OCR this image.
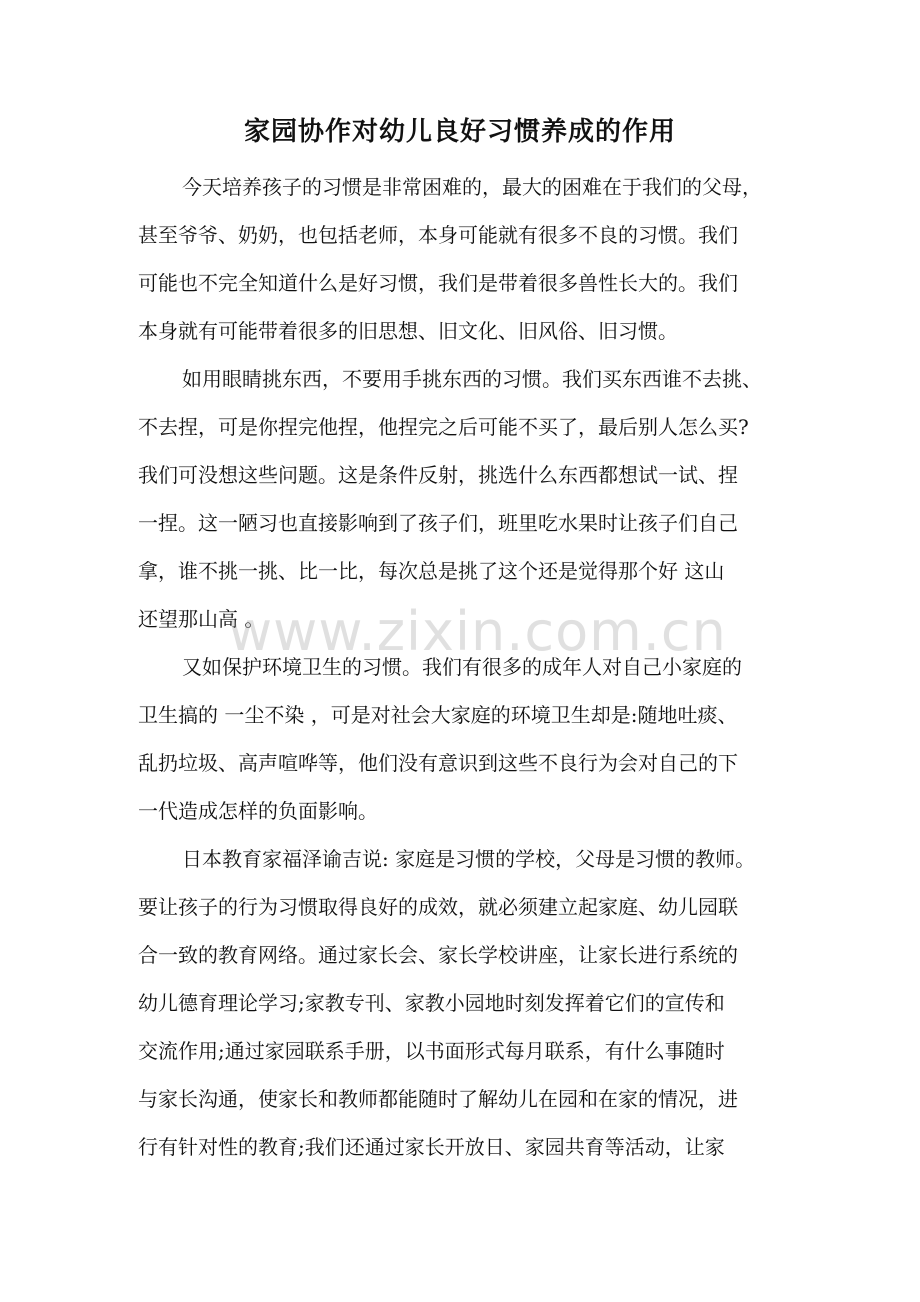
家园协作对幼儿良好习惯养成的作用
今天培养孩子的习惯是非常困难的，最大的困难在于我们的父母，
甚至爷爷、奶奶，也包括老师，本身可能就有很多不良的习惯。我们
可能也不完全知道什么是好习惯，我们是带着很多兽性长大的。我们
本身就有可能带着很多的旧思想、旧文化、旧风俗、旧习惯。
如用眼睛挑东西，不要用手挑东西的习惯。我们买东西谁不去挑、
不去捏，可是你捏完他捏，他捏完之后可能不买了，最后别人怎么买?
我们可没想这些问题。这是条件反射，挑选什么东西都想试一试、捏
一捏。这一陋习也直接影响到了孩子们，班里吃水果时让孩子们自己
拿，谁不挑一挑、比一比，每次总是挑了这个还是觉得那个好 这山
还望那山高 。
又如保护环境卫生的习惯。我们有很多的成年人对自己小家庭的
卫生搞的 一尘不染 ，可是对社会大家庭的环境卫生却是:随地吐痰、
乱扔垃圾、高声喧哗等，他们没有意识到这些不良行为会对自己的下
一代造成怎样的负面影响。
日本教育家福泽谕吉说: 家庭是习惯的学校，父母是习惯的教师。
要让孩子的行为习惯取得良好的成效，就必须建立起家庭、幼儿园联
合一致的教育网络。通过家长会、家长学校讲座，让家长进行系统的
幼儿德育理论学习;家教专刊、家教小园地时刻发挥着它们的宣传和
交流作用;通过家园联系手册，以书面形式每月联系，有什么事随时
与家长沟通，使家长和教师都能随时了解幼儿在园和在家的情况，进
行有针对性的教育;我们还通过家长开放日、家园共育等活动，让家
www.zixin.com.cn
